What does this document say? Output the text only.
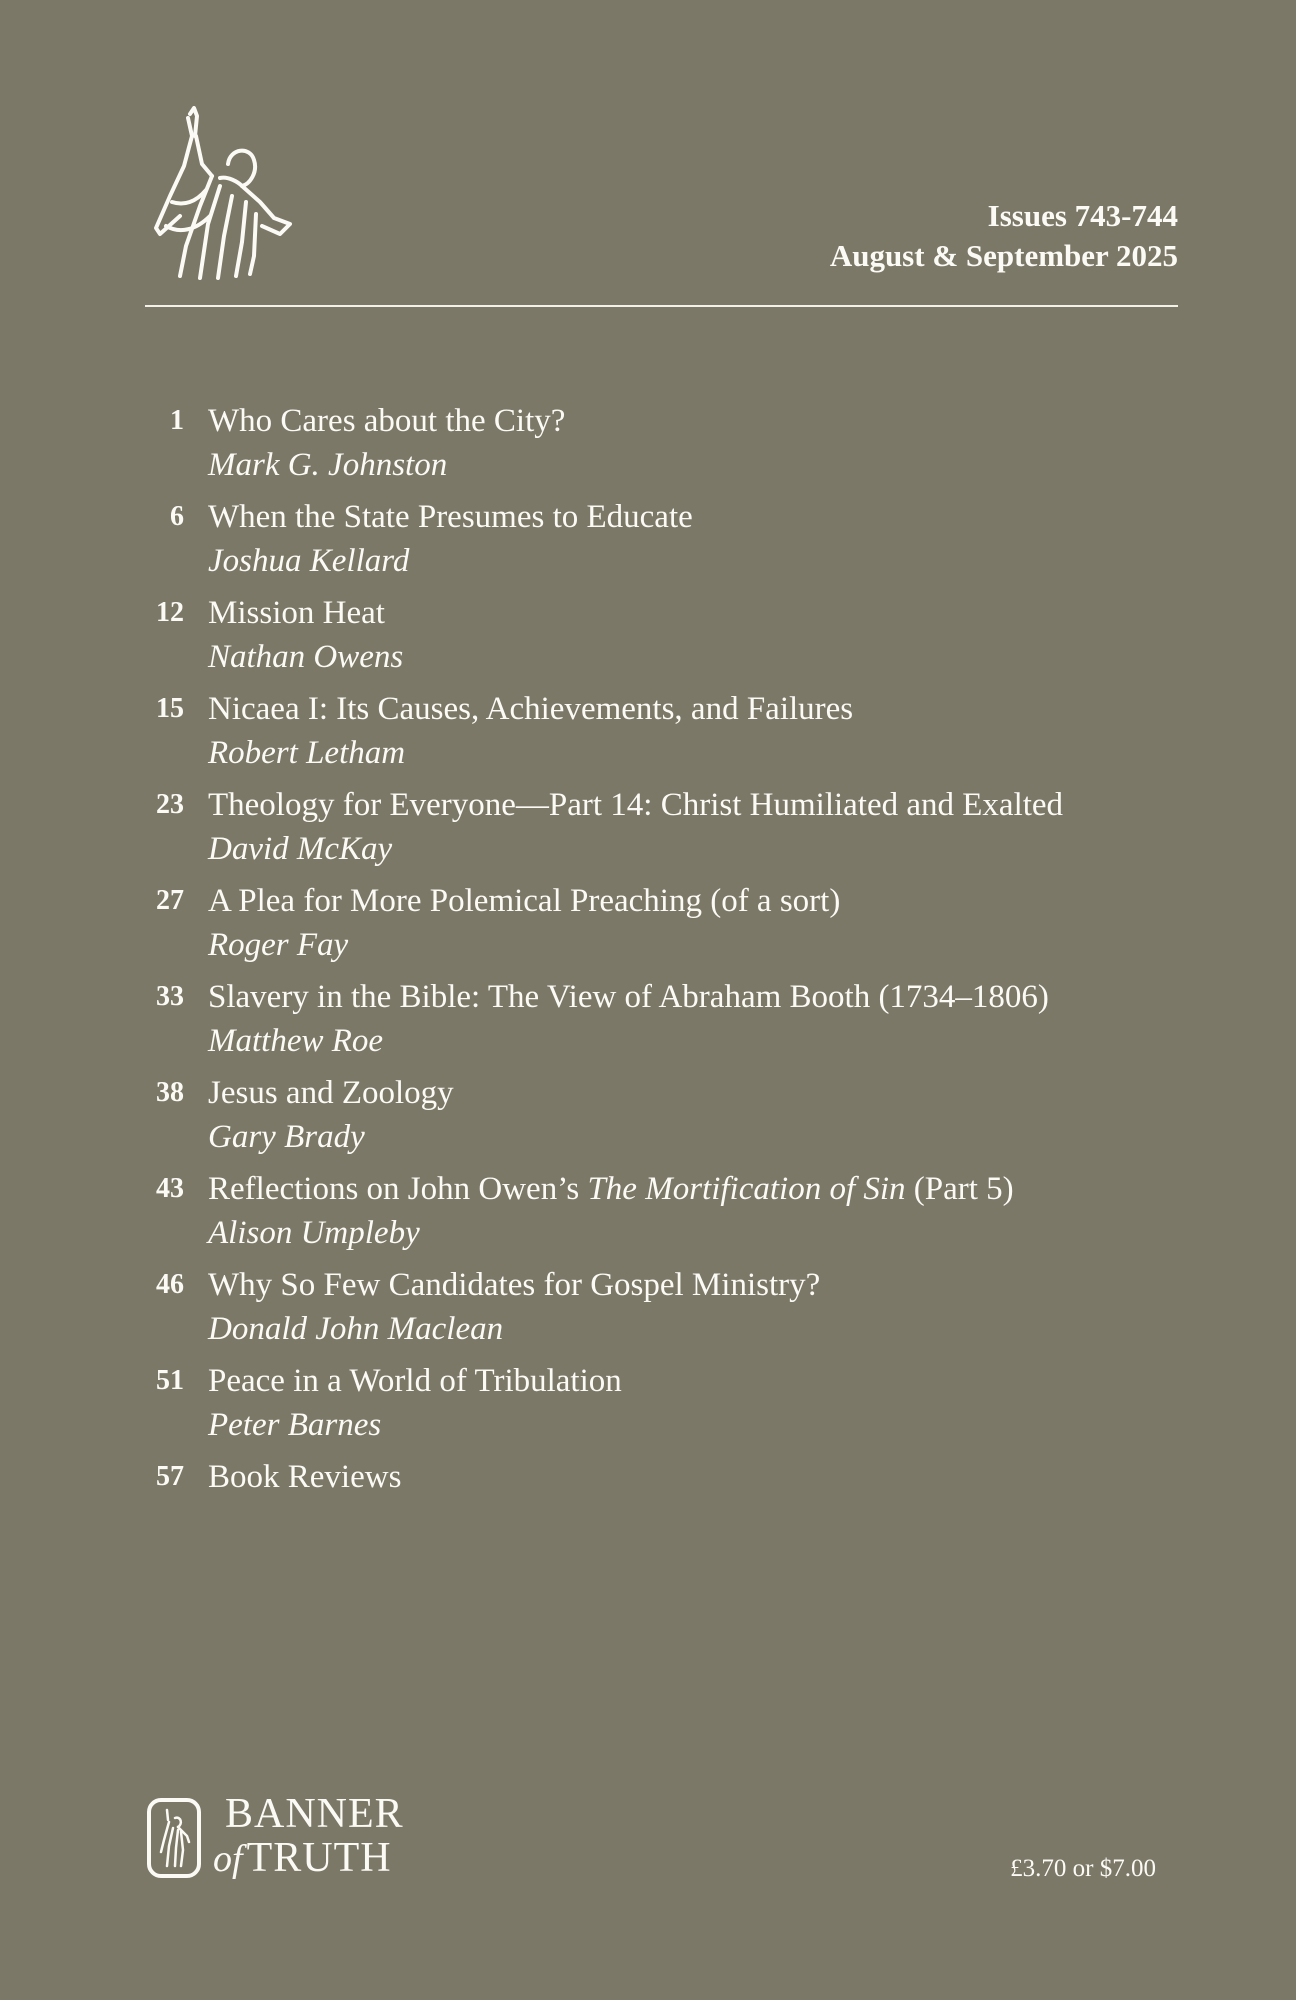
Issues 743-744
August & September 2025
1 Who Cares about the City?
Mark G. Johnston
6 When the State Presumes to Educate
Joshua Kellard
12 Mission Heat
Nathan Owens
15 Nicaea I: Its Causes, Achievements, and Failures
Robert Letham
23 Theology for Everyone—Part 14: Christ Humiliated and Exalted
David McKay
27 A Plea for More Polemical Preaching (of a sort)
Roger Fay
33 Slavery in the Bible: The View of Abraham Booth (1734–1806)
Matthew Roe
38 Jesus and Zoology
Gary Brady
43 Reflections on John Owen’s The Mortification of Sin (Part 5)
Alison Umpleby
46 Why So Few Candidates for Gospel Ministry?
Donald John Maclean
51 Peace in a World of Tribulation
Peter Barnes
57 Book Reviews
BANNER
ofTRUTH	£3.70 or $7.00
